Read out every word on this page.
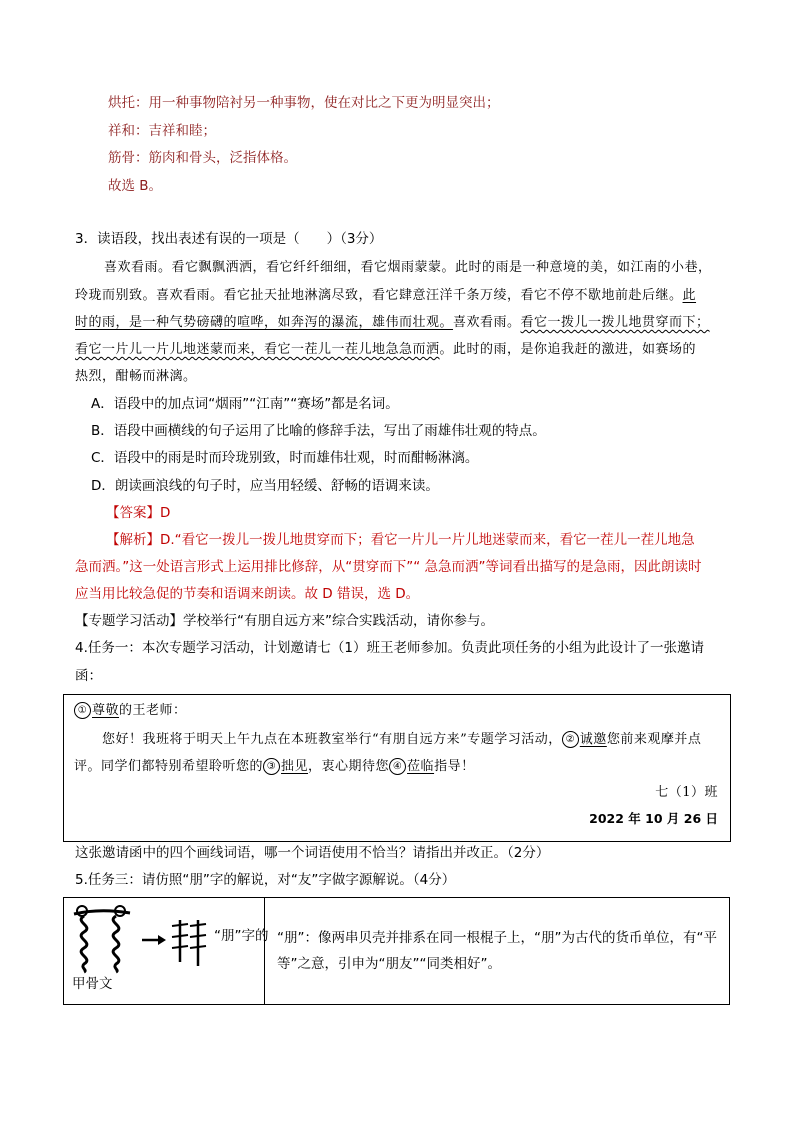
烘托：用一种事物陪衬另一种事物，使在对比之下更为明显突出；
祥和：吉祥和睦；
筋骨：筋肉和骨头，泛指体格。
故选 B。
3．读语段，找出表述有误的一项是（　　）（3分）
喜欢看雨。看它飘飘洒洒，看它纤纤细细，看它烟雨蒙蒙。此时的雨是一种意境的美，如江南的小巷，
玲珑而别致。喜欢看雨。看它扯天扯地淋漓尽致，看它肆意汪洋千条万绫，看它不停不歇地前赴后继。此
时的雨，是一种气势磅礴的喧哗，如奔泻的瀑流，雄伟而壮观。喜欢看雨。看它一拨儿一拨儿地贯穿而下；
看它一片儿一片儿地迷蒙而来，看它一茬儿一茬儿地急急而洒。此时的雨，是你追我赶的激进，如赛场的
热烈，酣畅而淋漓。
A．语段中的加点词“烟雨”“江南”“赛场”都是名词。
B．语段中画横线的句子运用了比喻的修辞手法，写出了雨雄伟壮观的特点。
C．语段中的雨是时而玲珑别致，时而雄伟壮观，时而酣畅淋漓。
D．朗读画浪线的句子时，应当用轻缓、舒畅的语调来读。
【答案】D
【解析】D.“看它一拨儿一拨儿地贯穿而下；看它一片儿一片儿地迷蒙而来，看它一茬儿一茬儿地急
急而洒。”这一处语言形式上运用排比修辞，从“贯穿而下”“ 急急而洒”等词看出描写的是急雨，因此朗读时
应当用比较急促的节奏和语调来朗读。故 D 错误，选 D。
【专题学习活动】学校举行“有朋自远方来”综合实践活动，请你参与。
4.任务一：本次专题学习活动，计划邀请七（1）班王老师参加。负责此项任务的小组为此设计了一张邀请
函：
① 尊敬的王老师：
您好！我班将于明天上午九点在本班教室举行“有朋自远方来”专题学习活动， ② 诚邀您前来观摩并点
评。同学们都特别希望聆听您的 ③ 拙见，衷心期待您 ④ 莅临指导！
七（1）班
2022 年 10 月 26 日
这张邀请函中的四个画线词语，哪一个词语使用不恰当？请指出并改正。（2分）
5.任务三：请仿照“朋”字的解说，对“友”字做字源解说。（4分）
“朋”字的
甲骨文

“朋”：像两串贝壳并排系在同一根棍子上，“朋”为古代的货币单位，有“平
等”之意，引申为“朋友”“同类相好”。
